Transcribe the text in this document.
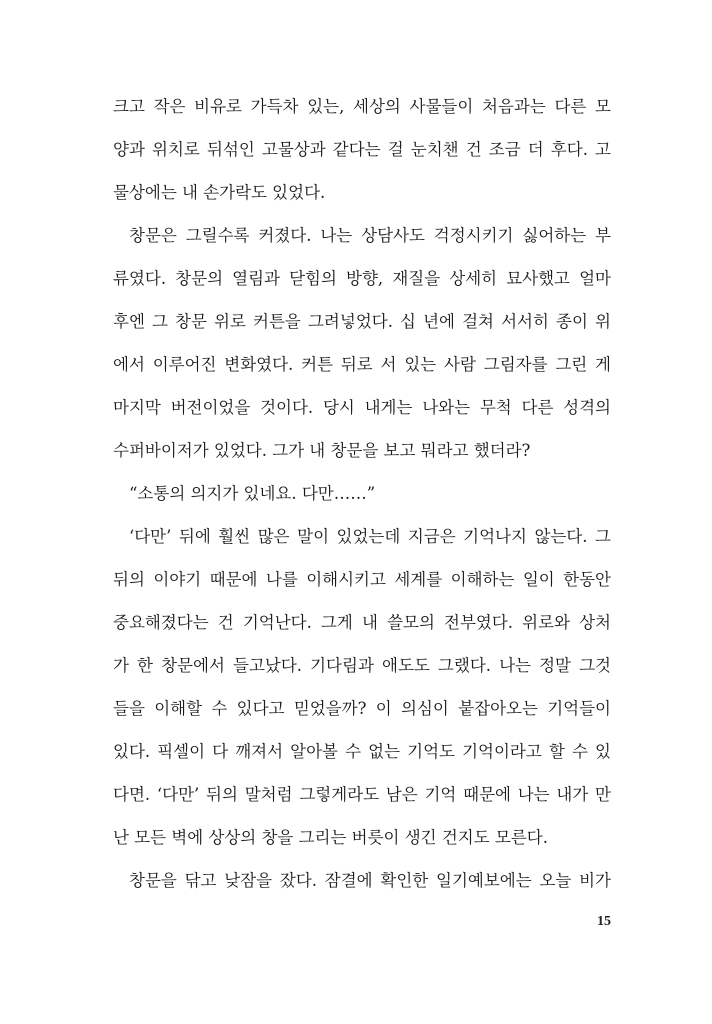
크고 작은 비유로 가득차 있는, 세상의 사물들이 처음과는 다른 모
양과 위치로 뒤섞인 고물상과 같다는 걸 눈치챈 건 조금 더 후다. 고
물상에는 내 손가락도 있었다.
창문은 그릴수록 커졌다. 나는 상담사도 걱정시키기 싫어하는 부
류였다. 창문의 열림과 닫힘의 방향, 재질을 상세히 묘사했고 얼마
후엔 그 창문 위로 커튼을 그려넣었다. 십 년에 걸쳐 서서히 종이 위
에서 이루어진 변화였다. 커튼 뒤로 서 있는 사람 그림자를 그린 게
마지막 버전이었을 것이다. 당시 내게는 나와는 무척 다른 성격의
수퍼바이저가 있었다. 그가 내 창문을 보고 뭐라고 했더라?
“소통의 의지가 있네요. 다만……”
‘다만’ 뒤에 훨씬 많은 말이 있었는데 지금은 기억나지 않는다. 그
뒤의 이야기 때문에 나를 이해시키고 세계를 이해하는 일이 한동안
중요해졌다는 건 기억난다. 그게 내 쓸모의 전부였다. 위로와 상처
가 한 창문에서 들고났다. 기다림과 애도도 그랬다. 나는 정말 그것
들을 이해할 수 있다고 믿었을까? 이 의심이 붙잡아오는 기억들이
있다. 픽셀이 다 깨져서 알아볼 수 없는 기억도 기억이라고 할 수 있
다면. ‘다만’ 뒤의 말처럼 그렇게라도 남은 기억 때문에 나는 내가 만
난 모든 벽에 상상의 창을 그리는 버릇이 생긴 건지도 모른다.
창문을 닦고 낮잠을 잤다. 잠결에 확인한 일기예보에는 오늘 비가
15
